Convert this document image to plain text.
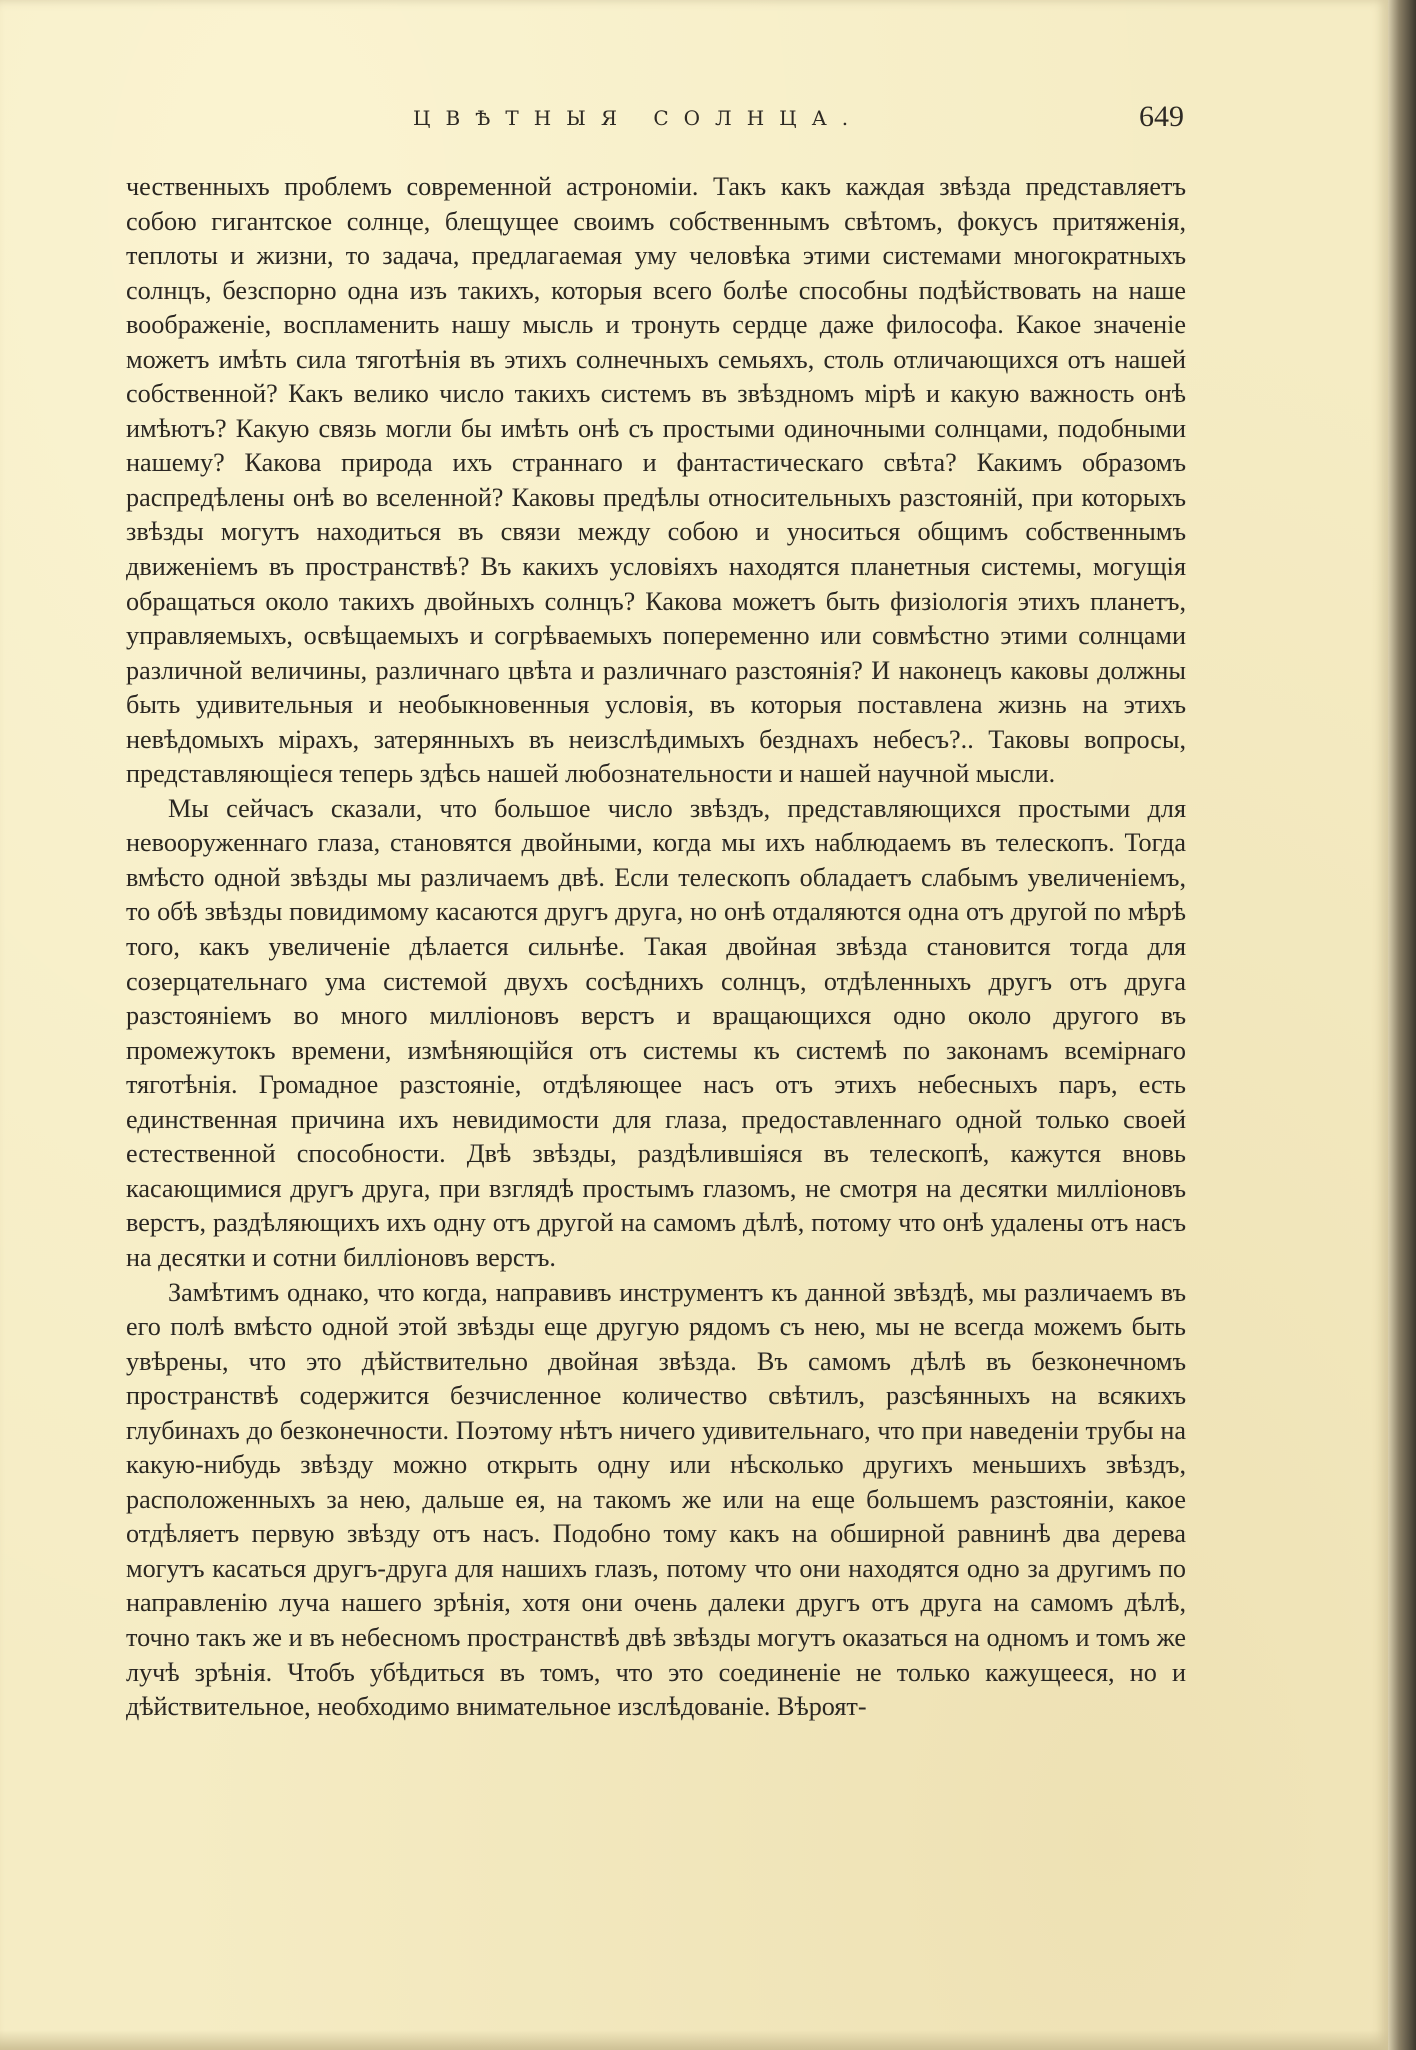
ЦВѢТНЫЯ СОЛНЦА.	649

чественныхъ проблемъ современной астрономіи. Такъ какъ каждая звѣзда представляетъ собою гигантское солнце, блещущее своимъ собственнымъ свѣтомъ, фокусъ притяженія, теплоты и жизни, то задача, предлагаемая уму человѣка этими системами многократныхъ солнцъ, безспорно одна изъ такихъ, которыя всего болѣе способны подѣйствовать на наше воображеніе, воспламенить нашу мысль и тронуть сердце даже философа. Какое значеніе можетъ имѣть сила тяготѣнія въ этихъ солнечныхъ семьяхъ, столь отличающихся отъ нашей собственной? Какъ велико число такихъ системъ въ звѣздномъ мірѣ и какую важность онѣ имѣютъ? Какую связь могли бы имѣть онѣ съ простыми одиночными солнцами, подобными нашему? Какова природа ихъ страннаго и фантастическаго свѣта? Какимъ образомъ распредѣлены онѣ во вселенной? Каковы предѣлы относительныхъ разстояній, при которыхъ звѣзды могутъ находиться въ связи между собою и уноситься общимъ собственнымъ движеніемъ въ пространствѣ? Въ какихъ условіяхъ находятся планетныя системы, могущія обращаться около такихъ двойныхъ солнцъ? Какова можетъ быть физіологія этихъ планетъ, управляемыхъ, освѣщаемыхъ и согрѣваемыхъ попеременно или совмѣстно этими солнцами различной величины, различнаго цвѣта и различнаго разстоянія? И наконецъ каковы должны быть удивительныя и необыкновенныя условія, въ которыя поставлена жизнь на этихъ невѣдомыхъ мірахъ, затерянныхъ въ неизслѣдимыхъ безднахъ небесъ?.. Таковы вопросы, представляющіеся теперь здѣсь нашей любознательности и нашей научной мысли.

Мы сейчасъ сказали, что большое число звѣздъ, представляющихся простыми для невооруженнаго глаза, становятся двойными, когда мы ихъ наблюдаемъ въ телескопъ. Тогда вмѣсто одной звѣзды мы различаемъ двѣ. Если телескопъ обладаетъ слабымъ увеличеніемъ, то обѣ звѣзды повидимому касаются другъ друга, но онѣ отдаляются одна отъ другой по мѣрѣ того, какъ увеличеніе дѣлается сильнѣе. Такая двойная звѣзда становится тогда для созерцательнаго ума системой двухъ сосѣднихъ солнцъ, отдѣленныхъ другъ отъ друга разстояніемъ во много милліоновъ верстъ и вращающихся одно около другого въ промежутокъ времени, измѣняющійся отъ системы къ системѣ по законамъ всемірнаго тяготѣнія. Громадное разстояніе, отдѣляющее насъ отъ этихъ небесныхъ паръ, есть единственная причина ихъ невидимости для глаза, предоставленнаго одной только своей естественной способности. Двѣ звѣзды, раздѣлившіяся въ телескопѣ, кажутся вновь касающимися другъ друга, при взглядѣ простымъ глазомъ, не смотря на десятки милліоновъ верстъ, раздѣляющихъ ихъ одну отъ другой на самомъ дѣлѣ, потому что онѣ удалены отъ насъ на десятки и сотни билліоновъ верстъ.

Замѣтимъ однако, что когда, направивъ инструментъ къ данной звѣздѣ, мы различаемъ въ его полѣ вмѣсто одной этой звѣзды еще другую рядомъ съ нею, мы не всегда можемъ быть увѣрены, что это дѣйствительно двойная звѣзда. Въ самомъ дѣлѣ въ безконечномъ пространствѣ содержится безчисленное количество свѣтилъ, разсѣянныхъ на всякихъ глубинахъ до безконечности. Поэтому нѣтъ ничего удивительнаго, что при наведеніи трубы на какую-нибудь звѣзду можно открыть одну или нѣсколько другихъ меньшихъ звѣздъ, расположенныхъ за нею, дальше ея, на такомъ же или на еще большемъ разстояніи, какое отдѣляетъ первую звѣзду отъ насъ. Подобно тому какъ на обширной равнинѣ два дерева могутъ касаться другъ-друга для нашихъ глазъ, потому что они находятся одно за другимъ по направленію луча нашего зрѣнія, хотя они очень далеки другъ отъ друга на самомъ дѣлѣ, точно такъ же и въ небесномъ пространствѣ двѣ звѣзды могутъ оказаться на одномъ и томъ же лучѣ зрѣнія. Чтобъ убѣдиться въ томъ, что это соединеніе не только кажущееся, но и дѣйствительное, необходимо внимательное изслѣдованіе. Вѣроят-
